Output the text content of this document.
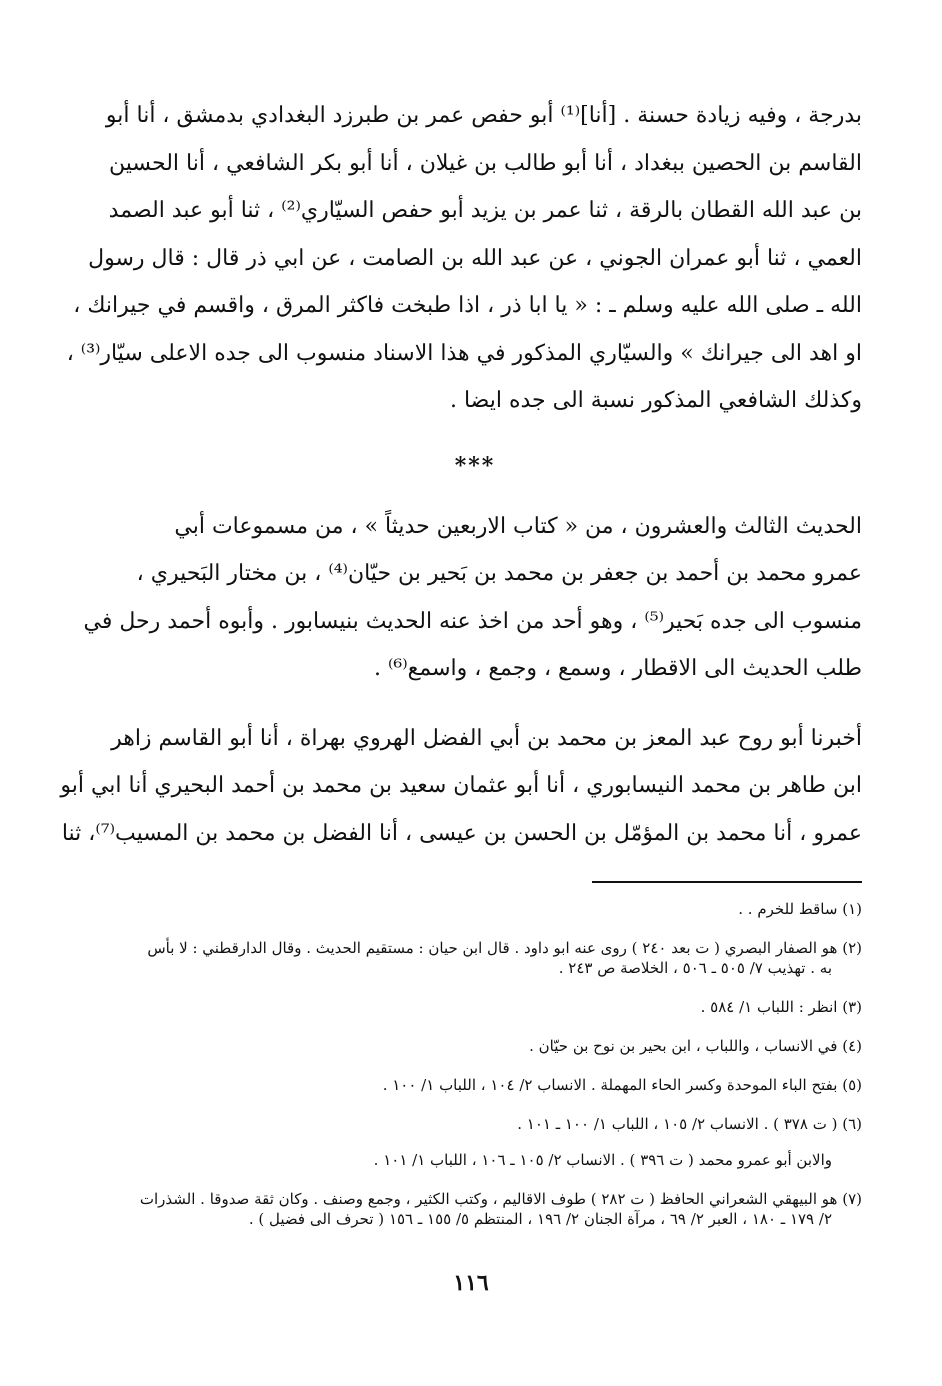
بدرجة ، وفيه زيادة حسنة . [أنا]⁽¹⁾ أبو حفص عمر بن طبرزد البغدادي بدمشق ، أنا أبو
القاسم بن الحصين ببغداد ، أنا أبو طالب بن غيلان ، أنا أبو بكر الشافعي ، أنا الحسين
بن عبد الله القطان بالرقة ، ثنا عمر بن يزيد أبو حفص السيّاري⁽²⁾ ، ثنا أبو عبد الصمد
العمي ، ثنا أبو عمران الجوني ، عن عبد الله بن الصامت ، عن ابي ذر قال : قال رسول
الله ـ صلى الله عليه وسلم ـ : « يا ابا ذر ، اذا طبخت فاكثر المرق ، واقسم في جيرانك ،
او اهد الى جيرانك » والسيّاري المذكور في هذا الاسناد منسوب الى جده الاعلى سيّار⁽³⁾ ،
وكذلك الشافعي المذكور نسبة الى جده ايضا .

***

الحديث الثالث والعشرون ، من « كتاب الاربعين حديثاً » ، من مسموعات أبي
عمرو محمد بن أحمد بن جعفر بن محمد بن بَحير بن حيّان⁽⁴⁾ ، بن مختار البَحيري ،
منسوب الى جده بَحير⁽⁵⁾ ، وهو أحد من اخذ عنه الحديث بنيسابور . وأبوه أحمد رحل في
طلب الحديث الى الاقطار ، وسمع ، وجمع ، واسمع⁽⁶⁾ .

أخبرنا أبو روح عبد المعز بن محمد بن أبي الفضل الهروي بهراة ، أنا أبو القاسم زاهر
ابن طاهر بن محمد النيسابوري ، أنا أبو عثمان سعيد بن محمد بن أحمد البحيري أنا ابي أبو
عمرو ، أنا محمد بن المؤمّل بن الحسن بن عيسى ، أنا الفضل بن محمد بن المسيب⁽⁷⁾، ثنا

(١) ساقط للخرم . .
(٢) هو الصفار البصري ( ت بعد ٢٤٠ ) روى عنه ابو داود . قال ابن حيان : مستقيم الحديث . وقال الدارقطني : لا بأس
به . تهذيب ٧/ ٥٠٥ ـ ٥٠٦ ، الخلاصة ص ٢٤٣ .
(٣) انظر : اللباب ١/ ٥٨٤ .
(٤) في الانساب ، واللباب ، ابن بحير بن نوح بن حيّان .
(٥) بفتح الباء الموحدة وكسر الحاء المهملة . الانساب ٢/ ١٠٤ ، اللباب ١/ ١٠٠ .
(٦) ( ت ٣٧٨ ) . الانساب ٢/ ١٠٥ ، اللباب ١/ ١٠٠ ـ ١٠١ .
والابن أبو عمرو محمد ( ت ٣٩٦ ) . الانساب ٢/ ١٠٥ ـ ١٠٦ ، اللباب ١/ ١٠١ .
(٧) هو البيهقي الشعراني الحافظ ( ت ٢٨٢ ) طوف الاقاليم ، وكتب الكثير ، وجمع وصنف . وكان ثقة صدوقا . الشذرات
٢/ ١٧٩ ـ ١٨٠ ، العبر ٢/ ٦٩ ، مرآة الجنان ٢/ ١٩٦ ، المنتظم ٥/ ١٥٥ ـ ١٥٦ ( تحرف الى فضيل ) .
١١٦
